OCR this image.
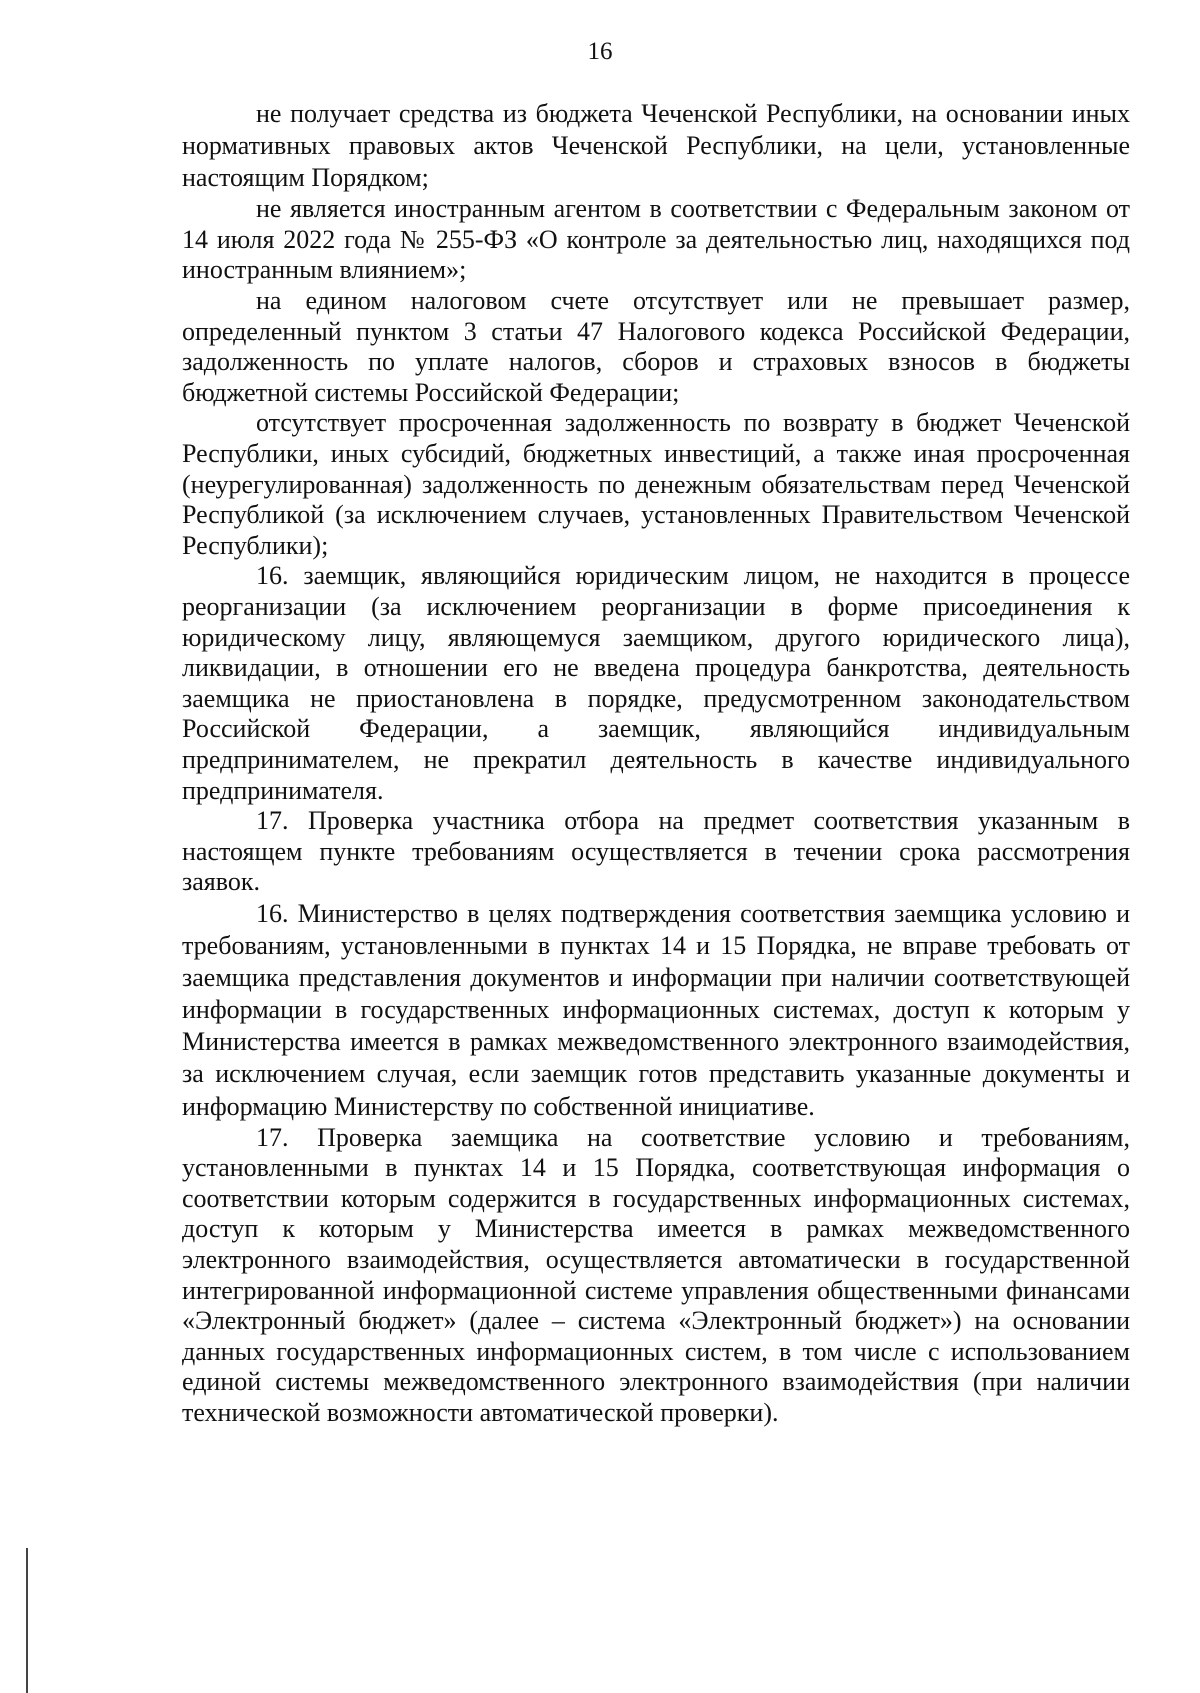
16

не получает средства из бюджета Чеченской Республики, на основании иных нормативных правовых актов Чеченской Республики, на цели, установленные настоящим Порядком;

не является иностранным агентом в соответствии с Федеральным законом от 14 июля 2022 года № 255-ФЗ «О контроле за деятельностью лиц, находящихся под иностранным влиянием»;

на едином налоговом счете отсутствует или не превышает размер, определенный пунктом 3 статьи 47 Налогового кодекса Российской Федерации, задолженность по уплате налогов, сборов и страховых взносов в бюджеты бюджетной системы Российской Федерации;

отсутствует просроченная задолженность по возврату в бюджет Чеченской Республики, иных субсидий, бюджетных инвестиций, а также иная просроченная (неурегулированная) задолженность по денежным обязательствам перед Чеченской Республикой (за исключением случаев, установленных Правительством Чеченской Республики);

16. заемщик, являющийся юридическим лицом, не находится в процессе реорганизации (за исключением реорганизации в форме присоединения к юридическому лицу, являющемуся заемщиком, другого юридического лица), ликвидации, в отношении его не введена процедура банкротства, деятельность заемщика не приостановлена в порядке, предусмотренном законодательством Российской Федерации, а заемщик, являющийся индивидуальным предпринимателем, не прекратил деятельность в качестве индивидуального предпринимателя.

17. Проверка участника отбора на предмет соответствия указанным в настоящем пункте требованиям осуществляется в течении срока рассмотрения заявок.

16. Министерство в целях подтверждения соответствия заемщика условию и требованиям, установленными в пунктах 14 и 15 Порядка, не вправе требовать от заемщика представления документов и информации при наличии соответствующей информации в государственных информационных системах, доступ к которым у Министерства имеется в рамках межведомственного электронного взаимодействия, за исключением случая, если заемщик готов представить указанные документы и информацию Министерству по собственной инициативе.

17. Проверка заемщика на соответствие условию и требованиям, установленными в пунктах 14 и 15 Порядка, соответствующая информация о соответствии которым содержится в государственных информационных системах, доступ к которым у Министерства имеется в рамках межведомственного электронного взаимодействия, осуществляется автоматически в государственной интегрированной информационной системе управления общественными финансами «Электронный бюджет» (далее – система «Электронный бюджет») на основании данных государственных информационных систем, в том числе с использованием единой системы межведомственного электронного взаимодействия (при наличии технической возможности автоматической проверки).
